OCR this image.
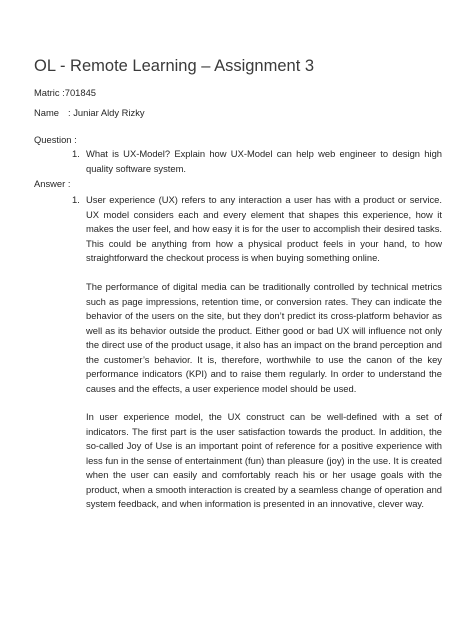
OL - Remote Learning – Assignment 3
Matric :701845
Name : Juniar Aldy Rizky
Question :
1. What is UX-Model? Explain how UX-Model can help web engineer to design high quality software system.

Answer :
1. User experience (UX) refers to any interaction a user has with a product or service. UX model considers each and every element that shapes this experience, how it makes the user feel, and how easy it is for the user to accomplish their desired tasks. This could be anything from how a physical product feels in your hand, to how straightforward the checkout process is when buying something online.

The performance of digital media can be traditionally controlled by technical metrics such as page impressions, retention time, or conversion rates. They can indicate the behavior of the users on the site, but they don’t predict its cross-platform behavior as well as its behavior outside the product. Either good or bad UX will influence not only the direct use of the product usage, it also has an impact on the brand perception and the customer’s behavior. It is, therefore, worthwhile to use the canon of the key performance indicators (KPI) and to raise them regularly. In order to understand the causes and the effects, a user experience model should be used.

In user experience model, the UX construct can be well-defined with a set of indicators. The first part is the user satisfaction towards the product. In addition, the so-called Joy of Use is an important point of reference for a positive experience with less fun in the sense of entertainment (fun) than pleasure (joy) in the use. It is created when the user can easily and comfortably reach his or her usage goals with the product, when a smooth interaction is created by a seamless change of operation and system feedback, and when information is presented in an innovative, clever way.
